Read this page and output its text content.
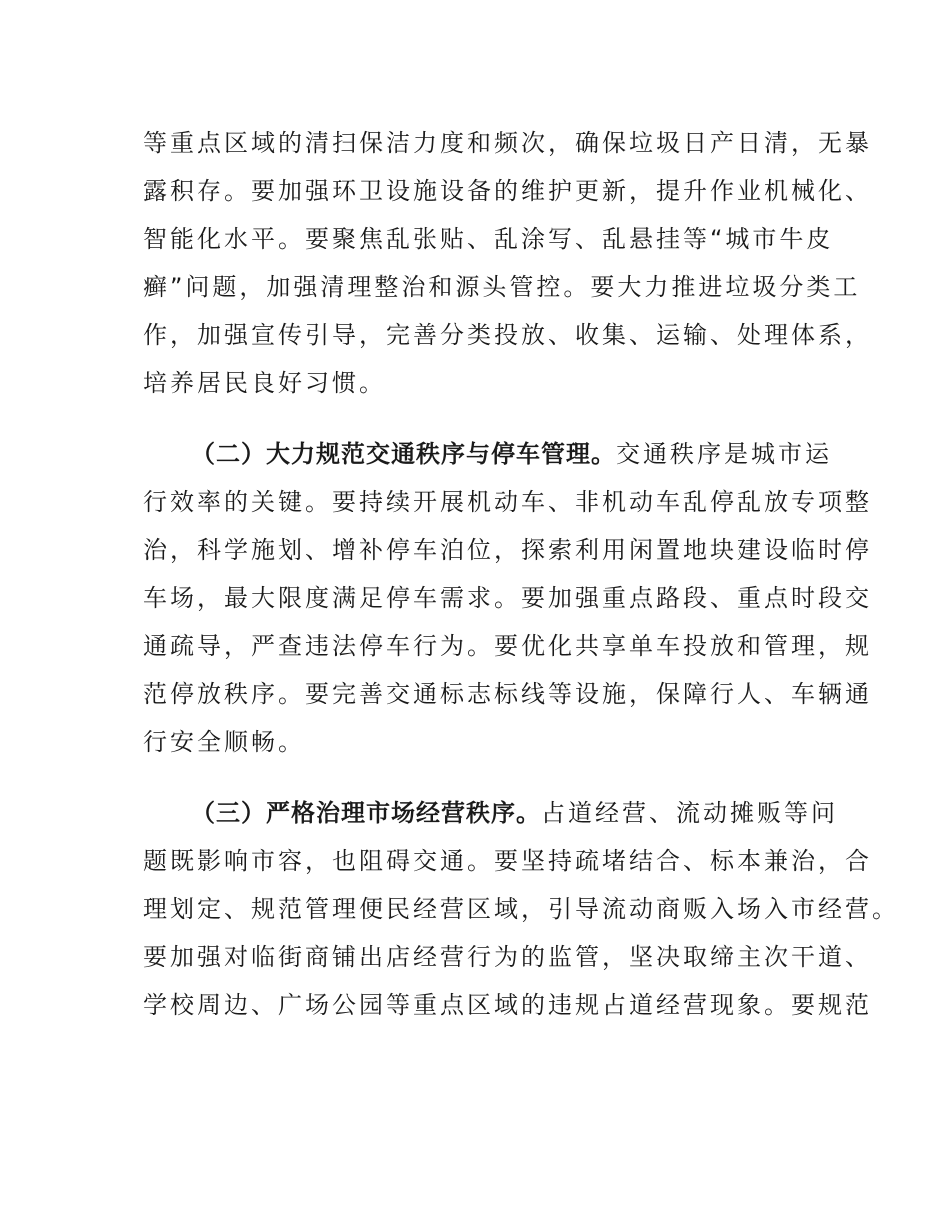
等重点区域的清扫保洁力度和频次，确保垃圾日产日清，无暴
露积存。要加强环卫设施设备的维护更新，提升作业机械化、
智能化水平。要聚焦乱张贴、乱涂写、乱悬挂等“城市牛皮
癣”问题，加强清理整治和源头管控。要大力推进垃圾分类工
作，加强宣传引导，完善分类投放、收集、运输、处理体系，
培养居民良好习惯。
（二）大力规范交通秩序与停车管理。交通秩序是城市运
行效率的关键。要持续开展机动车、非机动车乱停乱放专项整
治，科学施划、增补停车泊位，探索利用闲置地块建设临时停
车场，最大限度满足停车需求。要加强重点路段、重点时段交
通疏导，严查违法停车行为。要优化共享单车投放和管理，规
范停放秩序。要完善交通标志标线等设施，保障行人、车辆通
行安全顺畅。
（三）严格治理市场经营秩序。占道经营、流动摊贩等问
题既影响市容，也阻碍交通。要坚持疏堵结合、标本兼治，合
理划定、规范管理便民经营区域，引导流动商贩入场入市经营。
要加强对临街商铺出店经营行为的监管，坚决取缔主次干道、
学校周边、广场公园等重点区域的违规占道经营现象。要规范
